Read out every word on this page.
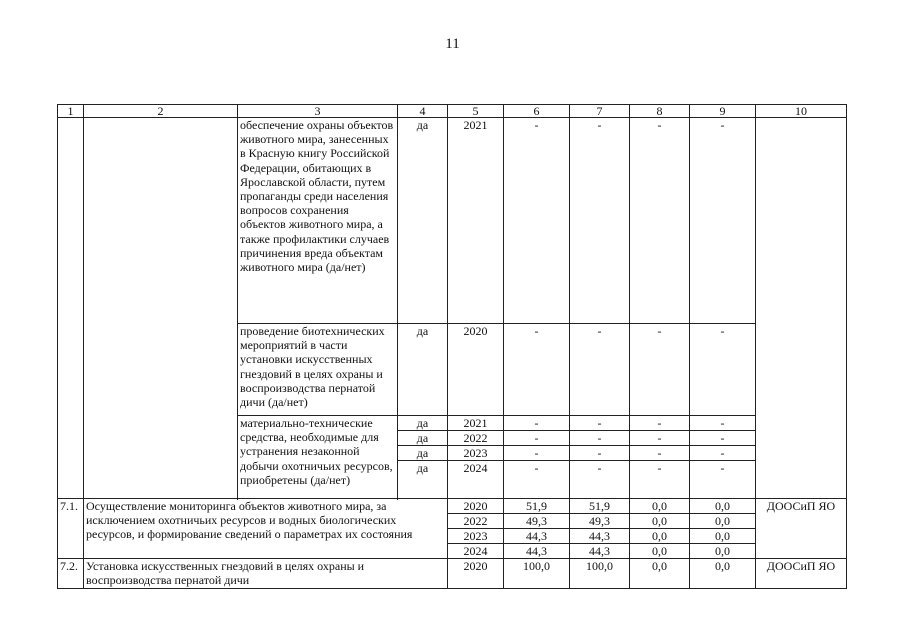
11
1	2	3	4	5	6	7	8	9	10
		обеспечение охраны объектов животного мира, занесенных в Красную книгу Российской Федерации, обитающих в Ярославской области, путем пропаганды среди населения вопросов сохранения объектов животного мира, а также профилактики случаев причинения вреда объектам животного мира (да/нет)	да	2021	-	-	-	-	
		проведение биотехнических мероприятий в части установки искусственных гнездовий в целях охраны и воспроизводства пернатой дичи (да/нет)	да	2020	-	-	-	-	
		материально-технические средства, необходимые для устранения незаконной добычи охотничьих ресурсов, приобретены (да/нет)	да	2021	-	-	-	-	
			да	2022	-	-	-	-	
			да	2023	-	-	-	-	
			да	2024	-	-	-	-	

7.1.	Осуществление мониторинга объектов животного мира, за исключением охотничьих ресурсов и водных биологических ресурсов, и формирование сведений о параметрах их состояния			2020	51,9	51,9	0,0	0,0	ДООСиП ЯО
				2022	49,3	49,3	0,0	0,0	
				2023	44,3	44,3	0,0	0,0	
				2024	44,3	44,3	0,0	0,0	
7.2.	Установка искусственных гнездовий в целях охраны и воспроизводства пернатой дичи			2020	100,0	100,0	0,0	0,0	ДООСиП ЯО
